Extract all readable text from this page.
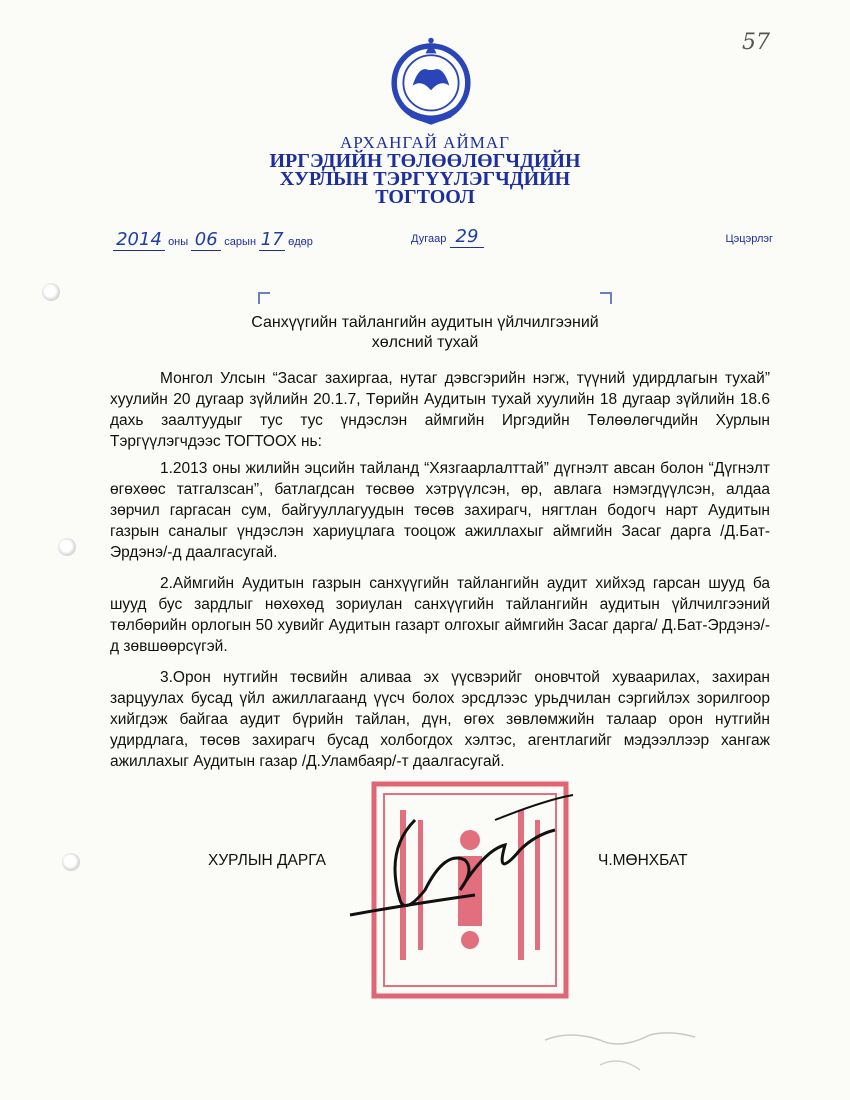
57
АРХАНГАЙ АЙМАГ
ИРГЭДИЙН ТӨЛӨӨЛӨГЧДИЙН
ХУРЛЫН ТЭРГҮҮЛЭГЧДИЙН
ТОГТООЛ
2014 оны 06 сарын 17 өдөр	Дугаар 29	Цэцэрлэг
Санхүүгийн тайлангийн аудитын үйлчилгээний
хөлсний тухай
Монгол Улсын “Засаг захиргаа, нутаг дэвсгэрийн нэгж, түүний удирдлагын тухай” хуулийн 20 дугаар зүйлийн 20.1.7, Төрийн Аудитын тухай хуулийн 18 дугаар зүйлийн 18.6 дахь заалтуудыг тус тус үндэслэн аймгийн Иргэдийн Төлөөлөгчдийн Хурлын Тэргүүлэгчдээс ТОГТООХ нь:
1.2013 оны жилийн эцсийн тайланд “Хязгаарлалттай” дүгнэлт авсан болон “Дүгнэлт өгөхөөс татгалзсан”, батлагдсан төсвөө хэтрүүлсэн, өр, авлага нэмэгдүүлсэн, алдаа зөрчил гаргасан сум, байгууллагуудын төсөв захирагч, нягтлан бодогч нарт Аудитын газрын саналыг үндэслэн хариуцлага тооцож ажиллахыг аймгийн Засаг дарга /Д.Бат-Эрдэнэ/-д даалгасугай.
2.Аймгийн Аудитын газрын санхүүгийн тайлангийн аудит хийхэд гарсан шууд ба шууд бус зардлыг нөхөхөд зориулан санхүүгийн тайлангийн аудитын үйлчилгээний төлбөрийн орлогын 50 хувийг Аудитын газарт олгохыг аймгийн Засаг дарга/ Д.Бат-Эрдэнэ/-д зөвшөөрсүгэй.
3.Орон нутгийн төсвийн аливаа эх үүсвэрийг оновчтой хуваарилах, захиран зарцуулах бусад үйл ажиллагаанд үүсч болох эрсдлээс урьдчилан сэргийлэх зорилгоор хийгдэж байгаа аудит бүрийн тайлан, дүн, өгөх зөвлөмжийн талаар орон нутгийн удирдлага, төсөв захирагч бусад холбогдох хэлтэс, агентлагийг мэдээллээр хангаж ажиллахыг Аудитын газар /Д.Уламбаяр/-т даалгасугай.
ХУРЛЫН ДАРГА	Ч.МӨНХБАТ
